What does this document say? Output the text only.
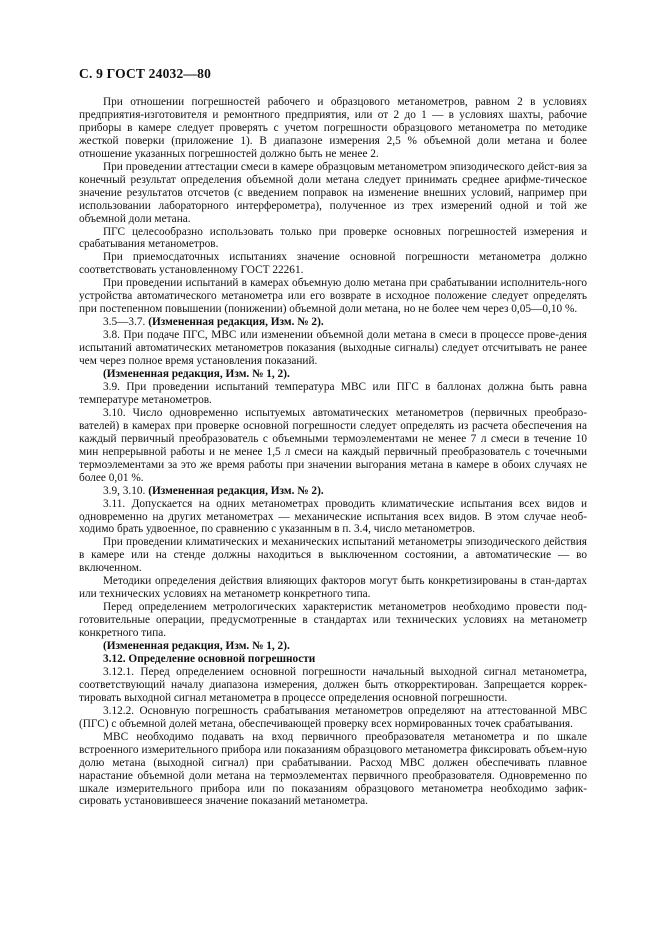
С. 9 ГОСТ 24032—80

При отношении погрешностей рабочего и образцового метанометров, равном 2 в условиях предприятия-изготовителя и ремонтного предприятия, или от 2 до 1 — в условиях шахты, рабочие приборы в камере следует проверять с учетом погрешности образцового метанометра по методике жесткой поверки (приложение 1). В диапазоне измерения 2,5 % объемной доли метана и более отношение указанных погрешностей должно быть не менее 2.

При проведении аттестации смеси в камере образцовым метанометром эпизодического дейст-вия за конечный результат определения объемной доли метана следует принимать среднее арифме-тическое значение результатов отсчетов (с введением поправок на изменение внешних условий, например при использовании лабораторного интерферометра), полученное из трех измерений одной и той же объемной доли метана.

ПГС целесообразно использовать только при проверке основных погрешностей измерения и срабатывания метанометров.

При приемосдаточных испытаниях значение основной погрешности метанометра должно соответствовать установленному ГОСТ 22261.

При проведении испытаний в камерах объемную долю метана при срабатывании исполнитель-ного устройства автоматического метанометра или его возврате в исходное положение следует определять при постепенном повышении (понижении) объемной доли метана, но не более чем через 0,05—0,10 %.

3.5—3.7. (Измененная редакция, Изм. № 2).

3.8. При подаче ПГС, МВС или изменении объемной доли метана в смеси в процессе прове-дения испытаний автоматических метанометров показания (выходные сигналы) следует отсчитывать не ранее чем через полное время установления показаний.

(Измененная редакция, Изм. № 1, 2).

3.9. При проведении испытаний температура МВС или ПГС в баллонах должна быть равна температуре метанометров.

3.10. Число одновременно испытуемых автоматических метанометров (первичных преобразо-вателей) в камерах при проверке основной погрешности следует определять из расчета обеспечения на каждый первичный преобразователь с объемными термоэлементами не менее 7 л смеси в течение 10 мин непрерывной работы и не менее 1,5 л смеси на каждый первичный преобразователь с точечными термоэлементами за это же время работы при значении выгорания метана в камере в обоих случаях не более 0,01 %.

3.9, 3.10. (Измененная редакция, Изм. № 2).

3.11. Допускается на одних метанометрах проводить климатические испытания всех видов и одновременно на других метанометрах — механические испытания всех видов. В этом случае необ-ходимо брать удвоенное, по сравнению с указанным в п. 3.4, число метанометров.

При проведении климатических и механических испытаний метанометры эпизодического действия в камере или на стенде должны находиться в выключенном состоянии, а автоматические — во включенном.

Методики определения действия влияющих факторов могут быть конкретизированы в стан-дартах или технических условиях на метанометр конкретного типа.

Перед определением метрологических характеристик метанометров необходимо провести под-готовительные операции, предусмотренные в стандартах или технических условиях на метанометр конкретного типа.

(Измененная редакция, Изм. № 1, 2).

3.12. Определение основной погрешности

3.12.1. Перед определением основной погрешности начальный выходной сигнал метанометра, соответствующий началу диапазона измерения, должен быть откорректирован. Запрещается коррек-тировать выходной сигнал метанометра в процессе определения основной погрешности.

3.12.2. Основную погрешность срабатывания метанометров определяют на аттестованной МВС (ПГС) с объемной долей метана, обеспечивающей проверку всех нормированных точек срабатывания.

МВС необходимо подавать на вход первичного преобразователя метанометра и по шкале встроенного измерительного прибора или показаниям образцового метанометра фиксировать объем-ную долю метана (выходной сигнал) при срабатывании. Расход МВС должен обеспечивать плавное нарастание объемной доли метана на термоэлементах первичного преобразователя. Одновременно по шкале измерительного прибора или по показаниям образцового метанометра необходимо зафик-сировать установившееся значение показаний метанометра.
